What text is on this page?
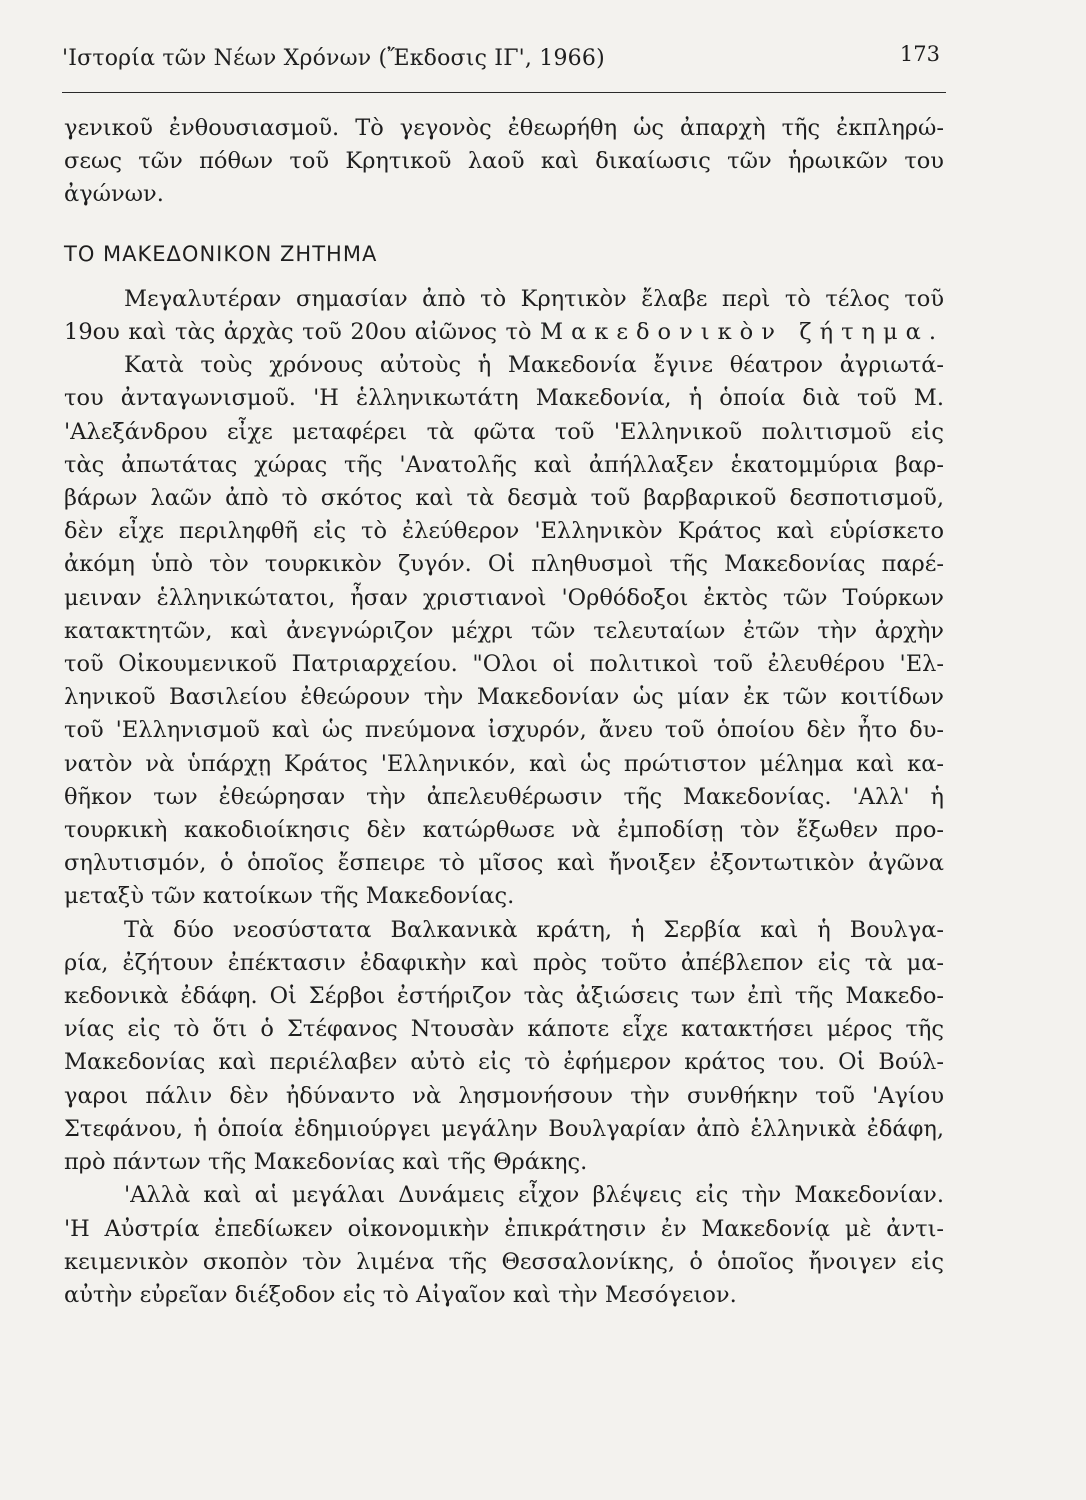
'Ιστορία τῶν Νέων Χρόνων (Ἔκδοσις ΙΓ', 1966)	173
γενικοῦ ἐνθουσιασμοῦ. Τὸ γεγονὸς ἐθεωρήθη ὡς ἀπαρχὴ τῆς ἐκπληρώ-
σεως τῶν πόθων τοῦ Κρητικοῦ λαοῦ καὶ δικαίωσις τῶν ἡρωικῶν του
ἀγώνων.
ΤΟ ΜΑΚΕΔΟΝΙΚΟΝ ΖΗΤΗΜΑ
Μεγαλυτέραν σημασίαν ἀπὸ τὸ Κρητικὸν ἔλαβε περὶ τὸ τέλος τοῦ
19ου καὶ τὰς ἀρχὰς τοῦ 20ου αἰῶνος τὸ Μακεδονικὸν ζήτημα.
Κατὰ τοὺς χρόνους αὐτοὺς ἡ Μακεδονία ἔγινε θέατρον ἀγριωτά-
του ἀνταγωνισμοῦ. 'Η ἑλληνικωτάτη Μακεδονία, ἡ ὁποία διὰ τοῦ Μ.
'Αλεξάνδρου εἶχε μεταφέρει τὰ φῶτα τοῦ 'Ελληνικοῦ πολιτισμοῦ εἰς
τὰς ἀπωτάτας χώρας τῆς 'Ανατολῆς καὶ ἀπήλλαξεν ἑκατομμύρια βαρ-
βάρων λαῶν ἀπὸ τὸ σκότος καὶ τὰ δεσμὰ τοῦ βαρβαρικοῦ δεσποτισμοῦ,
δὲν εἶχε περιληφθῆ εἰς τὸ ἐλεύθερον 'Ελληνικὸν Κράτος καὶ εὑρίσκετο
ἀκόμη ὑπὸ τὸν τουρκικὸν ζυγόν. Οἱ πληθυσμοὶ τῆς Μακεδονίας παρέ-
μειναν ἑλληνικώτατοι, ἦσαν χριστιανοὶ 'Ορθόδοξοι ἐκτὸς τῶν Τούρκων
κατακτητῶν, καὶ ἀνεγνώριζον μέχρι τῶν τελευταίων ἐτῶν τὴν ἀρχὴν
τοῦ Οἰκουμενικοῦ Πατριαρχείου. "Ολοι οἱ πολιτικοὶ τοῦ ἐλευθέρου 'Ελ-
ληνικοῦ Βασιλείου ἐθεώρουν τὴν Μακεδονίαν ὡς μίαν ἐκ τῶν κοιτίδων
τοῦ 'Ελληνισμοῦ καὶ ὡς πνεύμονα ἰσχυρόν, ἄνευ τοῦ ὁποίου δὲν ἦτο δυ-
νατὸν νὰ ὑπάρχῃ Κράτος 'Ελληνικόν, καὶ ὡς πρώτιστον μέλημα καὶ κα-
θῆκον των ἐθεώρησαν τὴν ἀπελευθέρωσιν τῆς Μακεδονίας. 'Αλλ' ἡ
τουρκικὴ κακοδιοίκησις δὲν κατώρθωσε νὰ ἐμποδίσῃ τὸν ἔξωθεν προ-
σηλυτισμόν, ὁ ὁποῖος ἔσπειρε τὸ μῖσος καὶ ἤνοιξεν ἐξοντωτικὸν ἀγῶνα
μεταξὺ τῶν κατοίκων τῆς Μακεδονίας.
Τὰ δύο νεοσύστατα Βαλκανικὰ κράτη, ἡ Σερβία καὶ ἡ Βουλγα-
ρία, ἐζήτουν ἐπέκτασιν ἐδαφικὴν καὶ πρὸς τοῦτο ἀπέβλεπον εἰς τὰ μα-
κεδονικὰ ἐδάφη. Οἱ Σέρβοι ἐστήριζον τὰς ἀξιώσεις των ἐπὶ τῆς Μακεδο-
νίας εἰς τὸ ὅτι ὁ Στέφανος Ντουσὰν κάποτε εἶχε κατακτήσει μέρος τῆς
Μακεδονίας καὶ περιέλαβεν αὐτὸ εἰς τὸ ἐφήμερον κράτος του. Οἱ Βούλ-
γαροι πάλιν δὲν ἠδύναντο νὰ λησμονήσουν τὴν συνθήκην τοῦ 'Αγίου
Στεφάνου, ἡ ὁποία ἐδημιούργει μεγάλην Βουλγαρίαν ἀπὸ ἑλληνικὰ ἐδάφη,
πρὸ πάντων τῆς Μακεδονίας καὶ τῆς Θράκης.
'Αλλὰ καὶ αἱ μεγάλαι Δυνάμεις εἶχον βλέψεις εἰς τὴν Μακεδονίαν.
'Η Αὐστρία ἐπεδίωκεν οἰκονομικὴν ἐπικράτησιν ἐν Μακεδονίᾳ μὲ ἀντι-
κειμενικὸν σκοπὸν τὸν λιμένα τῆς Θεσσαλονίκης, ὁ ὁποῖος ἤνοιγεν εἰς
αὐτὴν εὐρεῖαν διέξοδον εἰς τὸ Αἰγαῖον καὶ τὴν Μεσόγειον.
